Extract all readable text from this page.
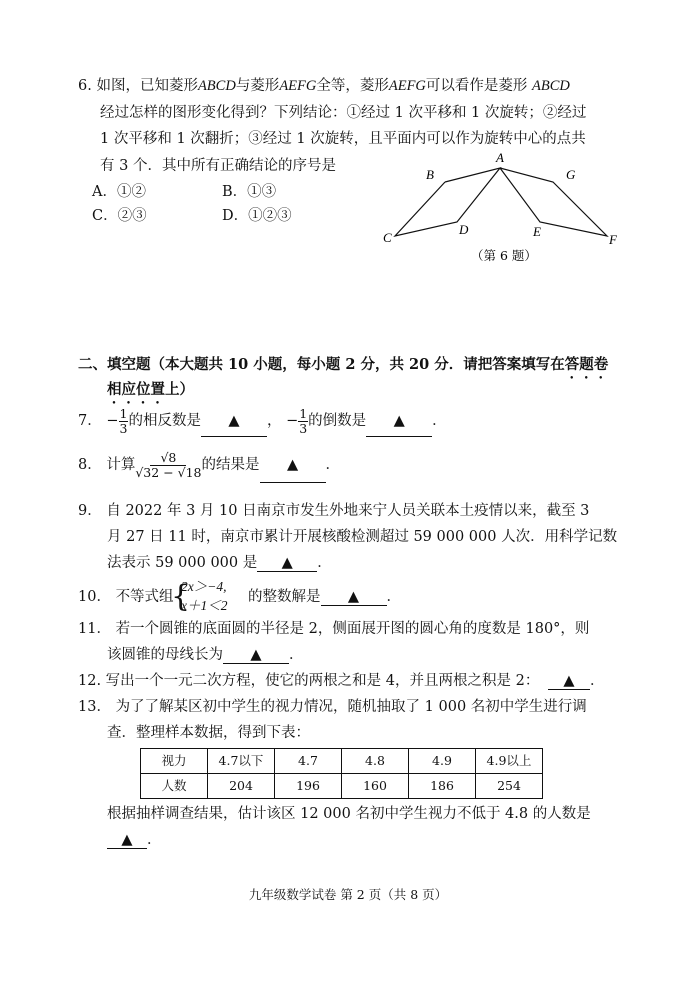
6. 如图，已知菱形ABCD与菱形AEFG全等，菱形AEFG可以看作是菱形 ABCD
经过怎样的图形变化得到？下列结论：①经过 1 次平移和 1 次旋转；②经过
1 次平移和 1 次翻折；③经过 1 次旋转，且平面内可以作为旋转中心的点共
有 3 个．其中所有正确结论的序号是
A．①②	B．①③
C．②③	D．①②③
A
B
C
D	E
F
G
（第 6 题）
二、填空题（本大题共 10 小题，每小题 2 分，共 20 分．请把答案填写在答题卷
相应位置上）
7． − $\frac{1}{3}$ 的相反数是 ▲ ， − $\frac{1}{3}$ 的倒数是 ▲ ．
8． 计算 $\frac{√8}{√32 - √18}$ 的结果是 ▲ ．
9． 自 2022 年 3 月 10 日南京市发生外地来宁人员关联本土疫情以来，截至 3
月 27 日 11 时，南京市累计开展核酸检测超过 59 000 000 人次．用科学记数
法表示 59 000 000 是 ▲ ．
10． 不等式组
{
2x＞−4,
x＋1＜2
的整数解是 ▲ ．
11． 若一个圆锥的底面圆的半径是 2，侧面展开图的圆心角的度数是 180°，则
该圆锥的母线长为 ▲ ．
12. 写出一个一元二次方程，使它的两根之和是 4，并且两根之积是 2： ▲ ．
13． 为了了解某区初中学生的视力情况，随机抽取了 1 000 名初中学生进行调
查．整理样本数据，得到下表：
视力	4.7以下	4.7	4.8	4.9	4.9以上
人数	204	196	160	186	254
根据抽样调查结果，估计该区 12 000 名初中学生视力不低于 4.8 的人数是
▲ ．
九年级数学试卷 第 2 页（共 8 页）
